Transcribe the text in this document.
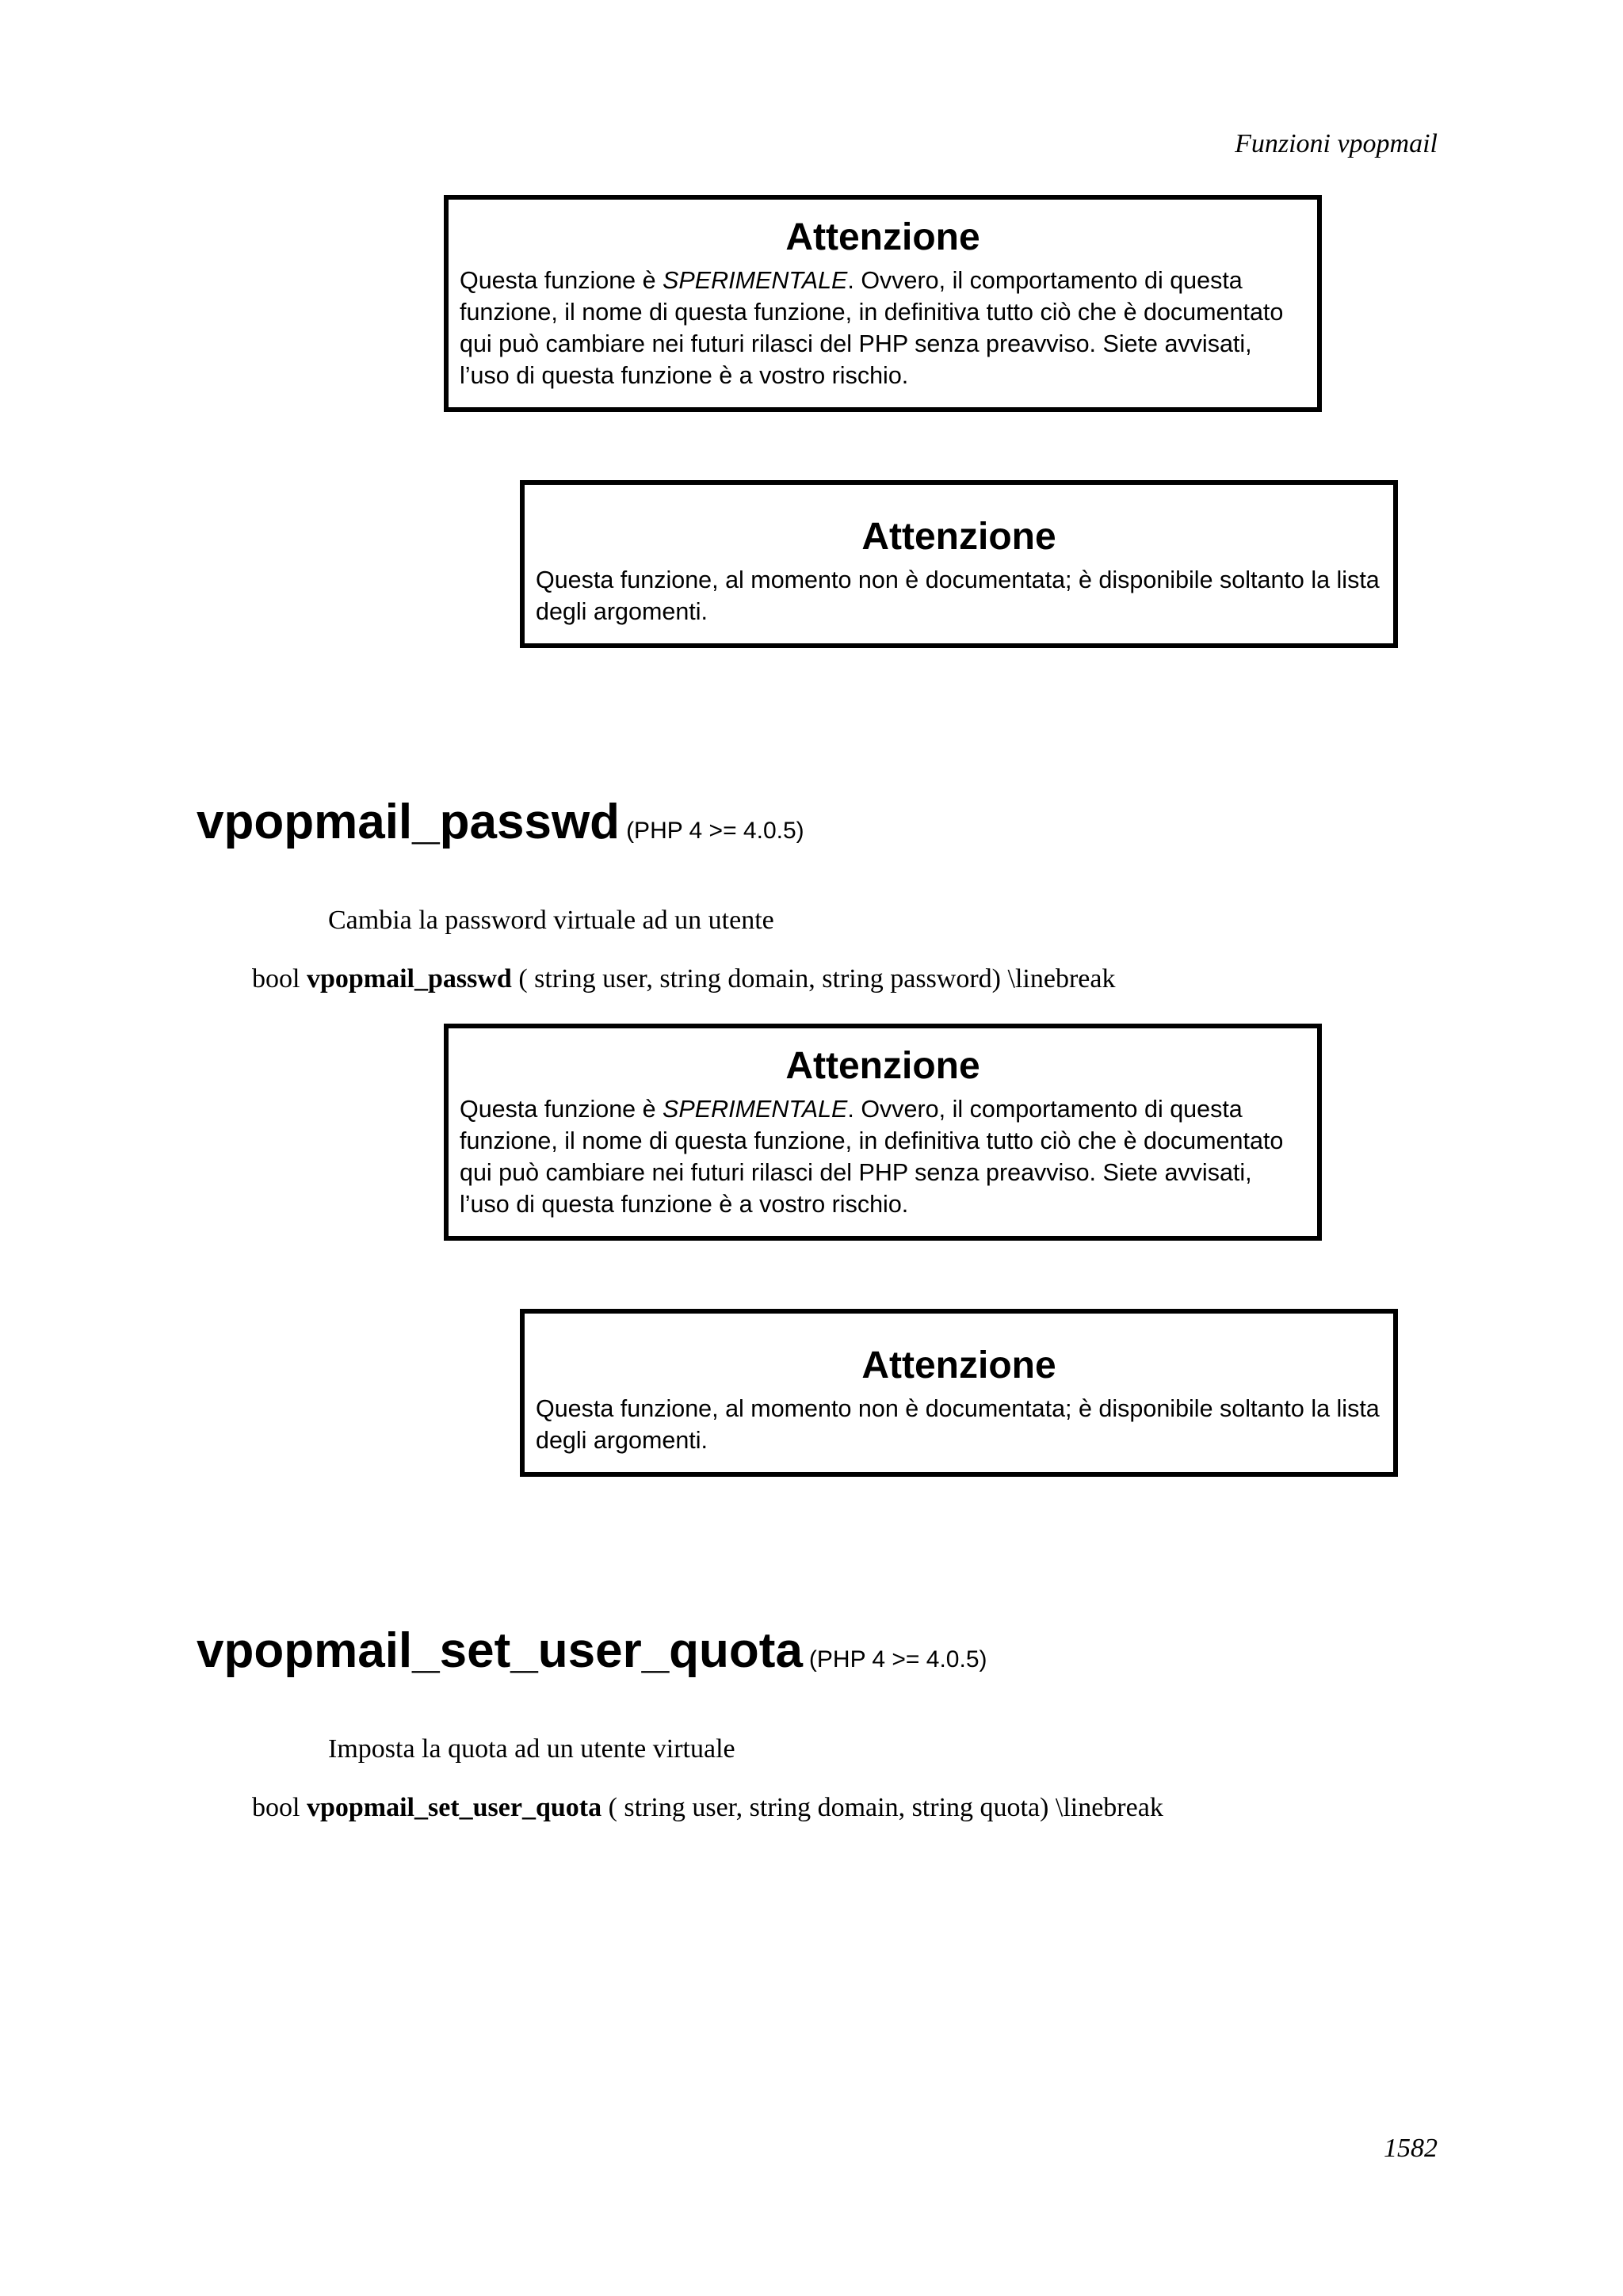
Funzioni vpopmail

Attenzione

Questa funzione è SPERIMENTALE. Ovvero, il comportamento di questa funzione, il nome di questa funzione, in definitiva tutto ciò che è documentato qui può cambiare nei futuri rilasci del PHP senza preavviso. Siete avvisati, l’uso di questa funzione è a vostro rischio.

Attenzione

Questa funzione, al momento non è documentata; è disponibile soltanto la lista degli argomenti.

vpopmail_passwd (PHP 4 >= 4.0.5)
Cambia la password virtuale ad un utente
bool vpopmail_passwd ( string user, string domain, string password) \linebreak

Attenzione

Questa funzione è SPERIMENTALE. Ovvero, il comportamento di questa funzione, il nome di questa funzione, in definitiva tutto ciò che è documentato qui può cambiare nei futuri rilasci del PHP senza preavviso. Siete avvisati, l’uso di questa funzione è a vostro rischio.

Attenzione

Questa funzione, al momento non è documentata; è disponibile soltanto la lista degli argomenti.

vpopmail_set_user_quota (PHP 4 >= 4.0.5)
Imposta la quota ad un utente virtuale
bool vpopmail_set_user_quota ( string user, string domain, string quota) \linebreak
1582
